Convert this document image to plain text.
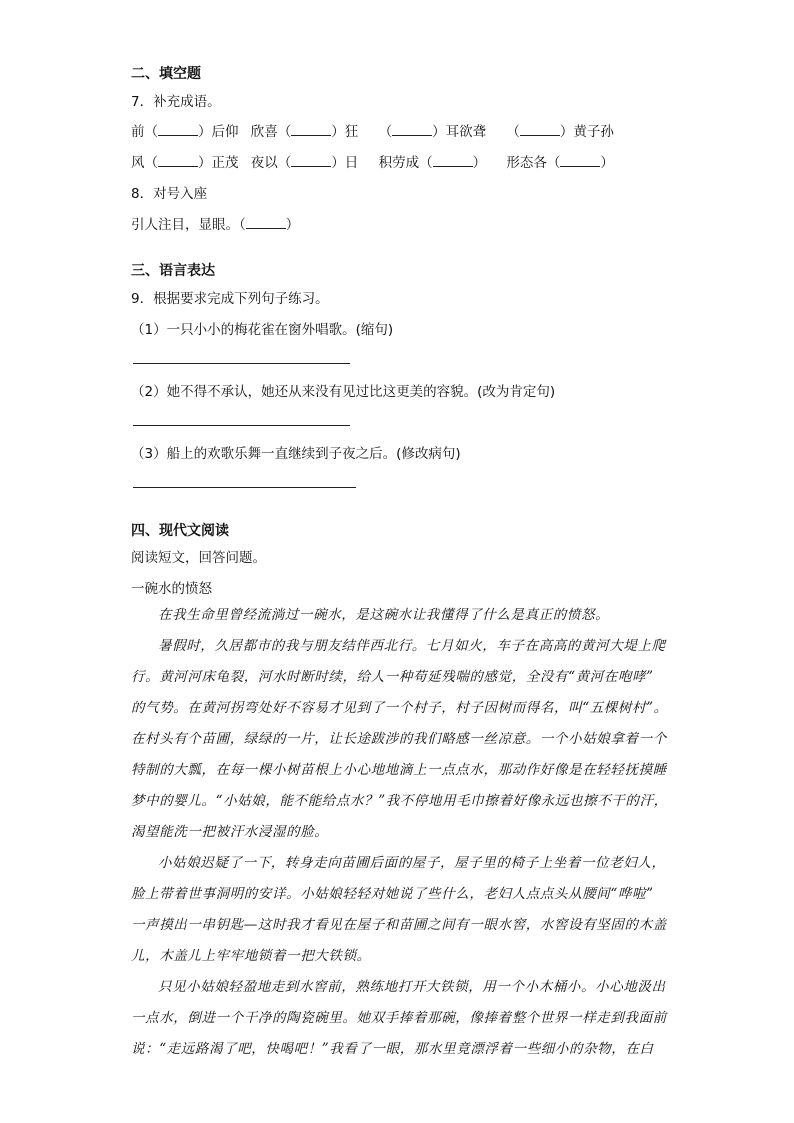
二、填空题
7．补充成语。
前（	）后仰 欣喜（	）狂 （	）耳欲聋 （	）黄子孙
风（	）正茂 夜以（	）日 积劳成（	） 形态各（	）
8．对号入座
引人注目，显眼。（	）
三、语言表达
9．根据要求完成下列句子练习。
（1）一只小小的梅花雀在窗外唱歌。(缩句)
（2）她不得不承认，她还从来没有见过比这更美的容貌。(改为肯定句)
（3）船上的欢歌乐舞一直继续到子夜之后。(修改病句)
四、现代文阅读
阅读短文，回答问题。
一碗水的愤怒

在我生命里曾经流淌过一碗水，是这碗水让我懂得了什么是真正的愤怒。

暑假时，久居都市的我与朋友结伴西北行。七月如火，车子在高高的黄河大堤上爬

行。黄河河床龟裂，河水时断时续，给人一种苟延残喘的感觉，全没有“黄河在咆哮”

的气势。在黄河拐弯处好不容易才见到了一个村子，村子因树而得名，叫“五棵树村”。

在村头有个苗圃，绿绿的一片，让长途跋涉的我们略感一丝凉意。一个小姑娘拿着一个

特制的大瓢，在每一棵小树苗根上小心地地滴上一点点水，那动作好像是在轻轻抚摸睡

梦中的婴儿。“小姑娘，能不能给点水？”我不停地用毛巾擦着好像永远也擦不干的汗，

渴望能洗一把被汗水浸湿的脸。

小姑娘迟疑了一下，转身走向苗圃后面的屋子，屋子里的椅子上坐着一位老妇人，

脸上带着世事洞明的安详。小姑娘轻轻对她说了些什么，老妇人点点头从腰间“哗啦”

一声摸出一串钥匙—这时我才看见在屋子和苗圃之间有一眼水窖，水窖设有坚固的木盖

儿，木盖儿上牢牢地锁着一把大铁锁。

只见小姑娘轻盈地走到水窖前，熟练地打开大铁锁，用一个小木桶小。小心地汲出

一点水，倒进一个干净的陶瓷碗里。她双手捧着那碗，像捧着整个世界一样走到我面前

说：“走远路渴了吧，快喝吧！”我看了一眼，那水里竟漂浮着一些细小的杂物，在白
